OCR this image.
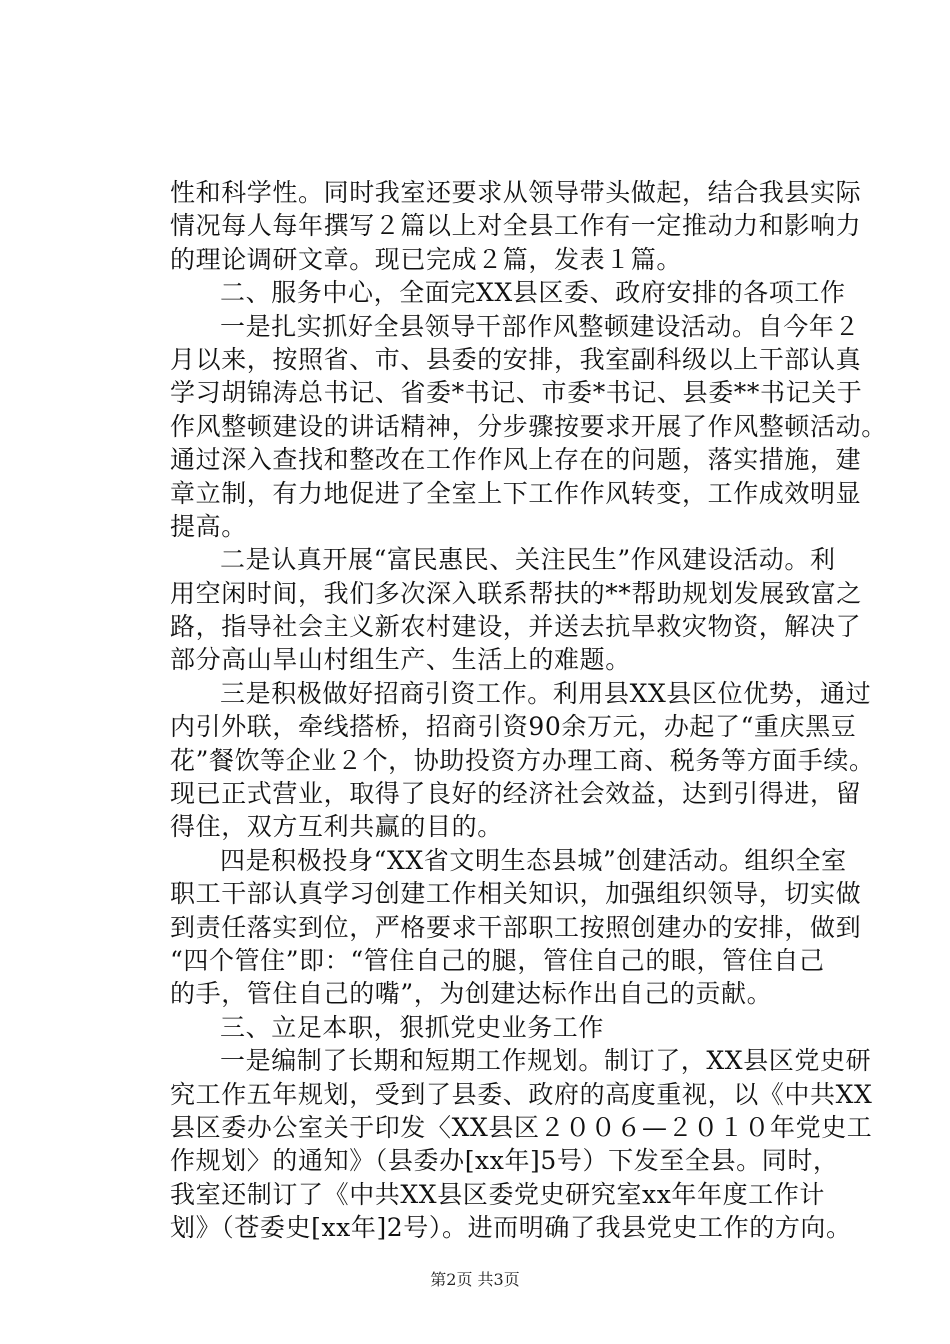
性和科学性。同时我室还要求从领导带头做起，结合我县实际
情况每人每年撰写２篇以上对全县工作有一定推动力和影响力
的理论调研文章。现已完成２篇，发表１篇。
二、服务中心，全面完XX县区委、政府安排的各项工作
一是扎实抓好全县领导干部作风整顿建设活动。自今年２
月以来，按照省、市、县委的安排，我室副科级以上干部认真
学习胡锦涛总书记、省委*书记、市委*书记、县委**书记关于
作风整顿建设的讲话精神，分步骤按要求开展了作风整顿活动。
通过深入查找和整改在工作作风上存在的问题，落实措施，建
章立制，有力地促进了全室上下工作作风转变，工作成效明显
提高。
二是认真开展“富民惠民、关注民生”作风建设活动。利
用空闲时间，我们多次深入联系帮扶的**帮助规划发展致富之
路，指导社会主义新农村建设，并送去抗旱救灾物资，解决了
部分高山旱山村组生产、生活上的难题。
三是积极做好招商引资工作。利用县XX县区位优势，通过
内引外联，牵线搭桥，招商引资90余万元，办起了“重庆黑豆
花”餐饮等企业２个，协助投资方办理工商、税务等方面手续。
现已正式营业，取得了良好的经济社会效益，达到引得进，留
得住，双方互利共赢的目的。
四是积极投身“XX省文明生态县城”创建活动。组织全室
职工干部认真学习创建工作相关知识，加强组织领导，切实做
到责任落实到位，严格要求干部职工按照创建办的安排，做到
“四个管住”即：“管住自己的腿，管住自己的眼，管住自己
的手，管住自己的嘴”，为创建达标作出自己的贡献。
三、立足本职，狠抓党史业务工作
一是编制了长期和短期工作规划。制订了，XX县区党史研
究工作五年规划，受到了县委、政府的高度重视，以《中共XX
县区委办公室关于印发〈XX县区２００６—２０１０年党史工
作规划〉的通知》（县委办[xx年]5号）下发至全县。同时，
我室还制订了《中共XX县区委党史研究室xx年年度工作计
划》（苍委史[xx年]2号）。进而明确了我县党史工作的方向。
第2页 共3页
